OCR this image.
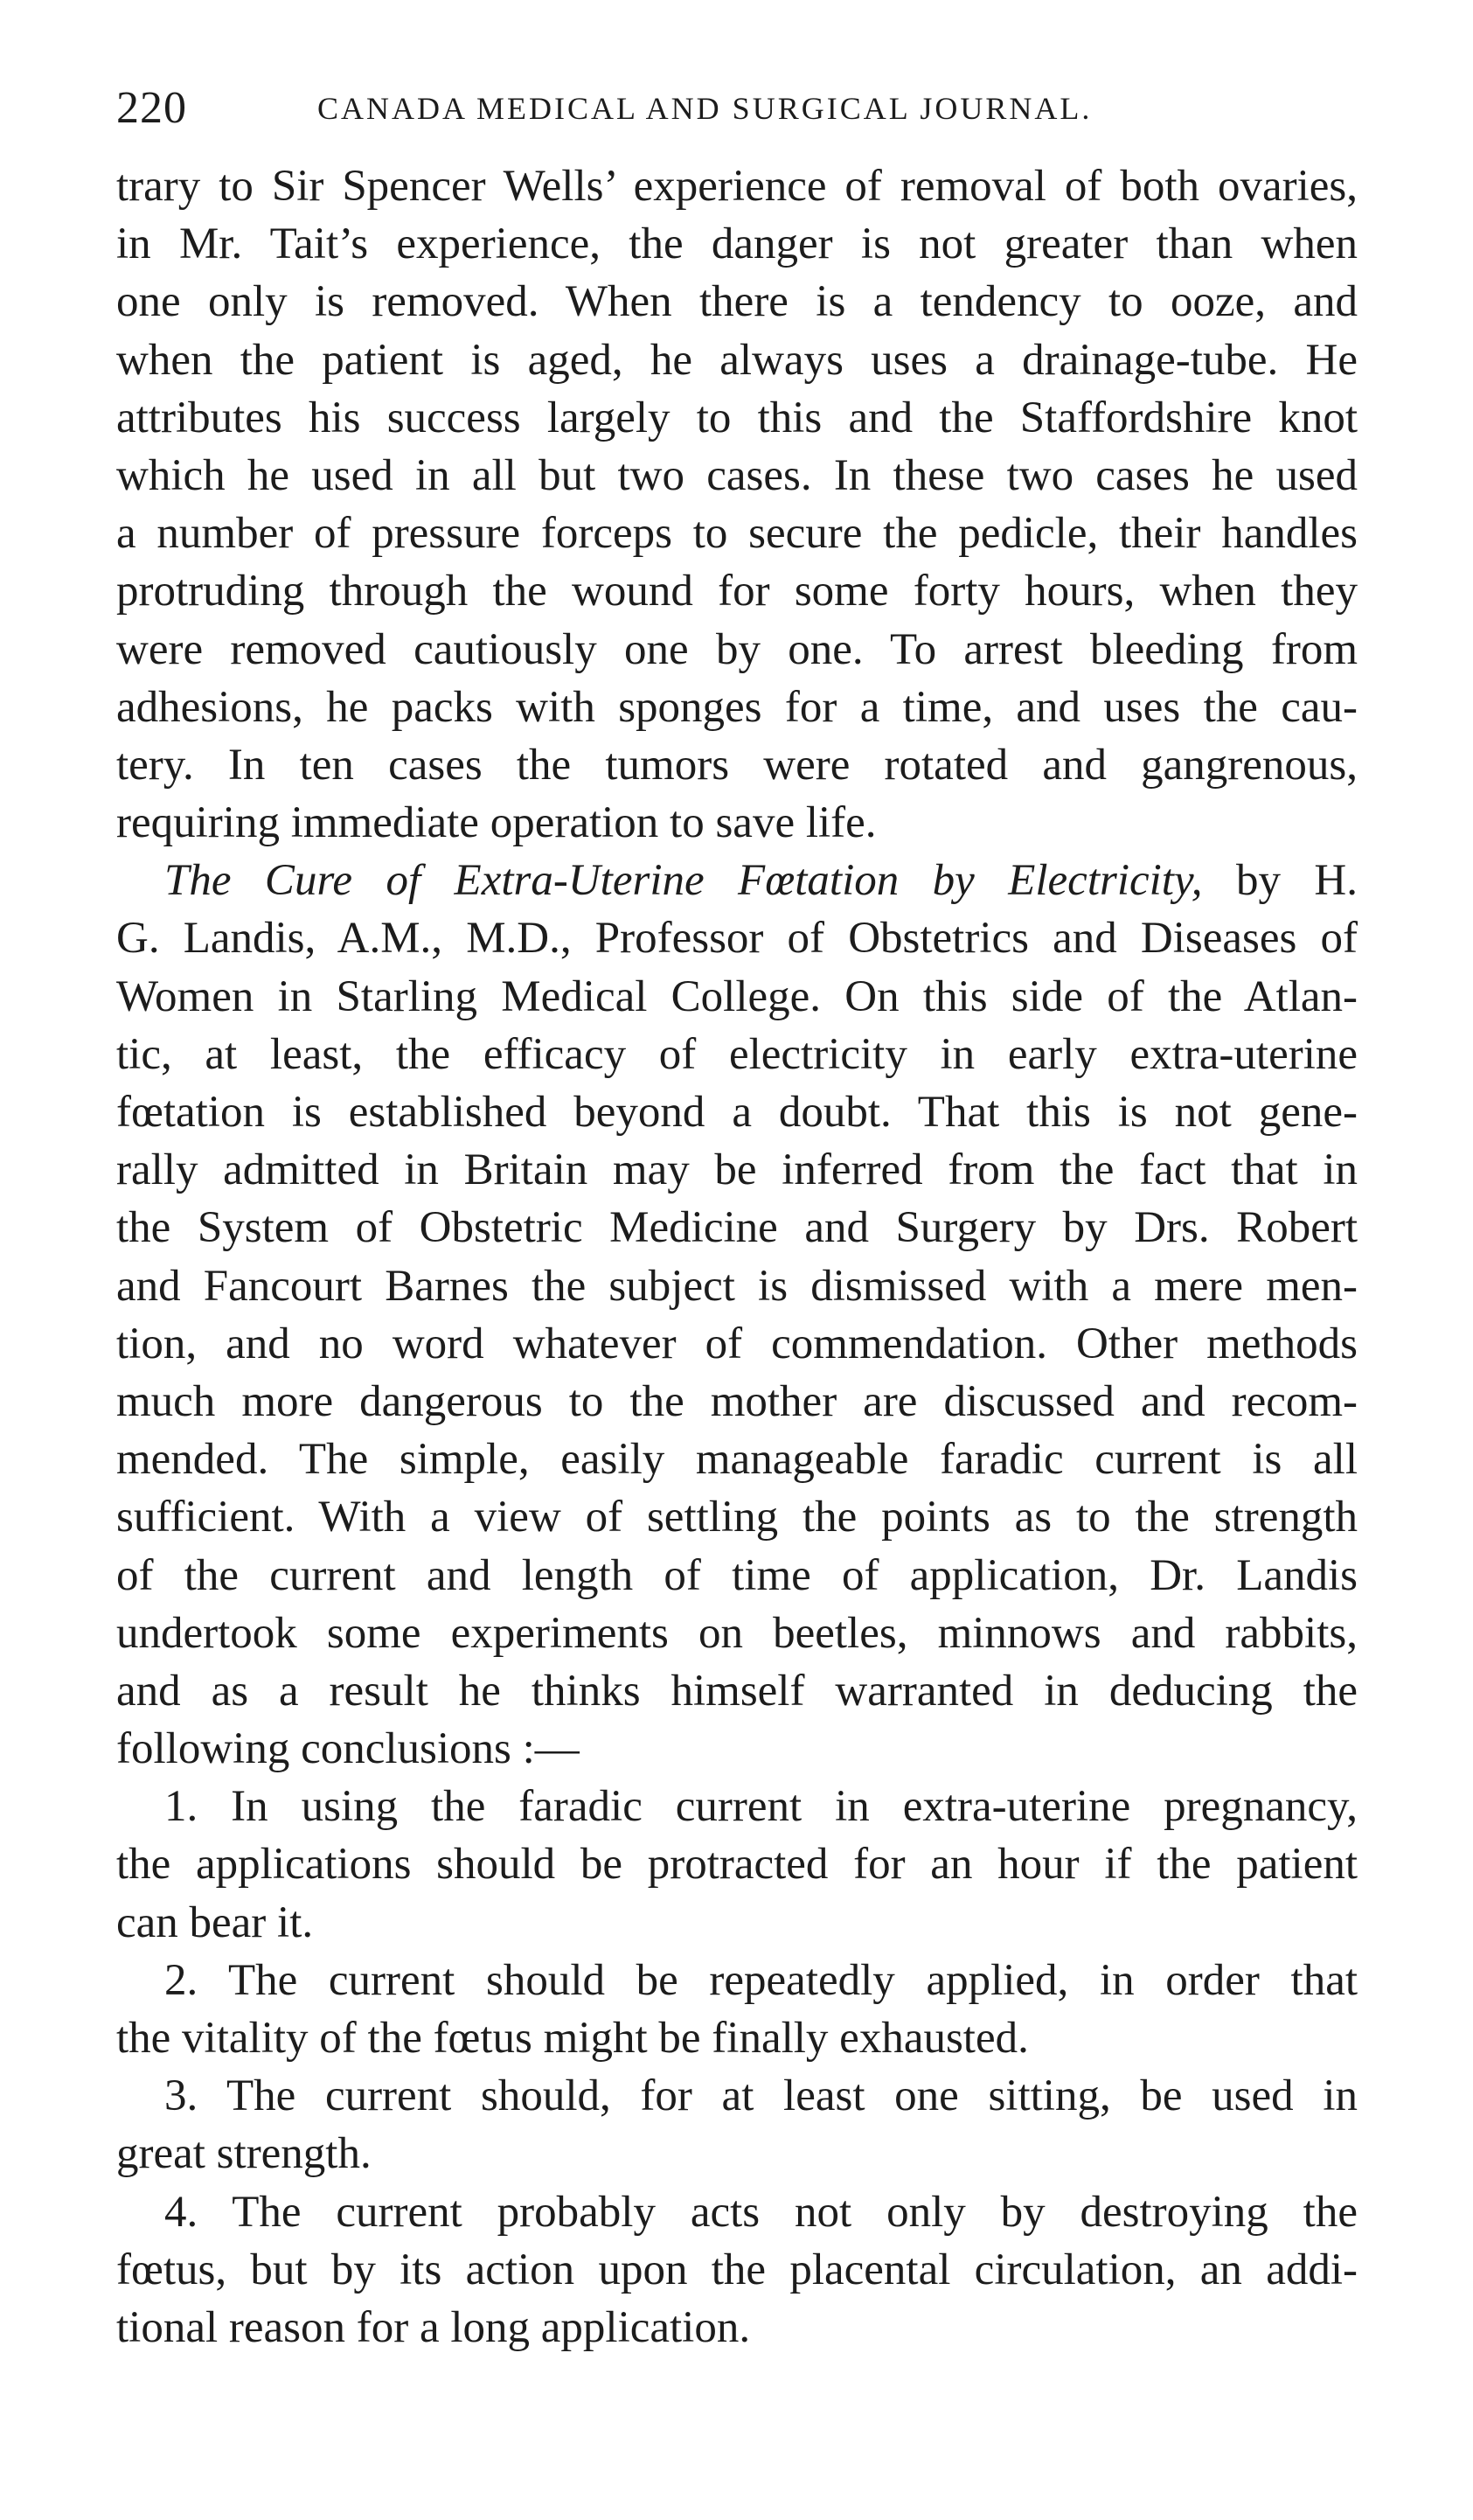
220	CANADA MEDICAL AND SURGICAL JOURNAL.
trary to Sir Spencer Wells’ experience of removal of both ovaries,
in Mr. Tait’s experience, the danger is not greater than when
one only is removed. When there is a tendency to ooze, and
when the patient is aged, he always uses a drainage-tube. He
attributes his success largely to this and the Staffordshire knot
which he used in all but two cases. In these two cases he used
a number of pressure forceps to secure the pedicle, their handles
protruding through the wound for some forty hours, when they
were removed cautiously one by one. To arrest bleeding from
adhesions, he packs with sponges for a time, and uses the cau-
tery. In ten cases the tumors were rotated and gangrenous,
requiring immediate operation to save life.
The Cure of Extra-Uterine Fœtation by Electricity, by H.
G. Landis, A.M., M.D., Professor of Obstetrics and Diseases of
Women in Starling Medical College. On this side of the Atlan-
tic, at least, the efficacy of electricity in early extra-uterine
fœtation is established beyond a doubt. That this is not gene-
rally admitted in Britain may be inferred from the fact that in
the System of Obstetric Medicine and Surgery by Drs. Robert
and Fancourt Barnes the subject is dismissed with a mere men-
tion, and no word whatever of commendation. Other methods
much more dangerous to the mother are discussed and recom-
mended. The simple, easily manageable faradic current is all
sufficient. With a view of settling the points as to the strength
of the current and length of time of application, Dr. Landis
undertook some experiments on beetles, minnows and rabbits,
and as a result he thinks himself warranted in deducing the
following conclusions :—
1. In using the faradic current in extra-uterine pregnancy,
the applications should be protracted for an hour if the patient
can bear it.
2. The current should be repeatedly applied, in order that
the vitality of the fœtus might be finally exhausted.
3. The current should, for at least one sitting, be used in
great strength.
4. The current probably acts not only by destroying the
fœtus, but by its action upon the placental circulation, an addi-
tional reason for a long application.
